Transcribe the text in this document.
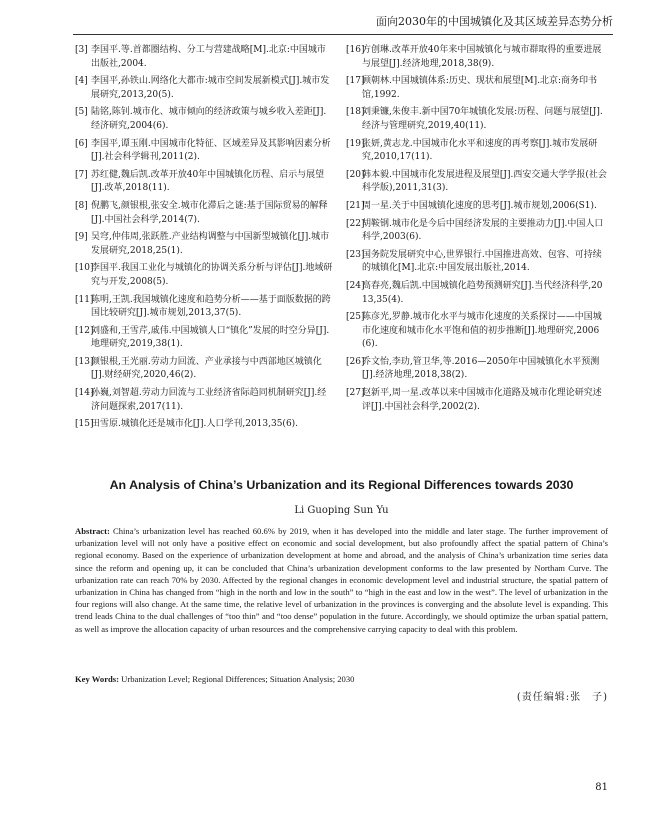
面向2030年的中国城镇化及其区域差异态势分析
[3] 李国平.等.首都圈结构、分工与营建战略[M].北京:中国城市出版社,2004.
[4] 李国平,孙铁山.网络化大都市:城市空间发展新模式[J].城市发展研究,2013,20(5).
[5] 陆铭,陈钊.城市化、城市倾向的经济政策与城乡收入差距[J].经济研究,2004(6).
[6] 李国平,谭玉刚.中国城市化特征、区域差异及其影响因素分析[J].社会科学辑刊,2011(2).
[7] 苏红健,魏后凯.改革开放40年中国城镇化历程、启示与展望[J].改革,2018(11).
[8] 倪鹏飞,颜银根,张安全.城市化滞后之谜:基于国际贸易的解释[J].中国社会科学,2014(7).
[9] 吴穹,仲伟周,张跃胜.产业结构调整与中国新型城镇化[J].城市发展研究,2018,25(1).
[10]
李国平.我国工业化与城镇化的协调关系分析与评估[J].地域研究与开发,2008(5).
[11]
陈明,王凯.我国城镇化速度和趋势分析——基于面版数据的跨国比较研究[J].城市规划,2013,37(5).
[12]
刘盛和,王雪芹,戚伟.中国城镇人口“镇化”发展的时空分异[J].地理研究,2019,38(1).
[13]
颜银根,王光丽.劳动力回流、产业承接与中西部地区城镇化[J].财经研究,2020,46(2).
[14]
孙巍,刘智超.劳动力回流与工业经济省际趋同机制研究[J].经济问题探索,2017(11).
[15]
田雪原.城镇化还是城市化[J].人口学刊,2013,35(6).
[16]
方创琳.改革开放40年来中国城镇化与城市群取得的重要进展与展望[J].经济地理,2018,38(9).
[17]
顾朝林.中国城镇体系:历史、现状和展望[M].北京:商务印书馆,1992.
[18]
刘秉镰,朱俊丰.新中国70年城镇化发展:历程、问题与展望[J].经济与管理研究,2019,40(11).
[19]
张妍,黄志龙.中国城市化水平和速度的再考察[J].城市发展研究,2010,17(11).
[20]
韩本毅.中国城市化发展进程及展望[J].西安交通大学学报(社会科学版),2011,31(3).
[21]
周一星.关于中国城镇化速度的思考[J].城市规划,2006(S1).
[22]
胡鞍钢.城市化是今后中国经济发展的主要推动力[J].中国人口科学,2003(6).
[23]
国务院发展研究中心,世界银行.中国推进高效、包容、可持续的城镇化[M].北京:中国发展出版社,2014.
[24]
高春亮,魏后凯.中国城镇化趋势预测研究[J].当代经济科学,2013,35(4).
[25]
陈彦光,罗静.城市化水平与城市化速度的关系探讨——中国城市化速度和城市化水平饱和值的初步推断[J].地理研究,2006(6).
[26]
乔文怡,李玏,管卫华,等.2016—2050年中国城镇化水平预测[J].经济地理,2018,38(2).
[27]
赵新平,周一星.改革以来中国城市化道路及城市化理论研究述评[J].中国社会科学,2002(2).
An Analysis of China’s Urbanization and its Regional Differences towards 2030
Li Guoping Sun Yu
Abstract: China’s urbanization level has reached 60.6% by 2019, when it has developed into the middle and later stage. The further improvement of urbanization level will not only have a positive effect on economic and social development, but also profoundly affect the spatial pattern of China’s regional economy. Based on the experience of urbanization development at home and abroad, and the analysis of China’s urbanization time series data since the reform and opening up, it can be concluded that China’s urbanization development conforms to the law presented by Northam Curve. The urbanization rate can reach 70% by 2030. Affected by the regional changes in economic development level and industrial structure, the spatial pattern of urbanization in China has changed from “high in the north and low in the south” to “high in the east and low in the west”. The level of urbanization in the four regions will also change. At the same time, the relative level of urbanization in the provinces is converging and the absolute level is expanding. This trend leads China to the dual challenges of “too thin” and “too dense” population in the future. Accordingly, we should optimize the urban spatial pattern, as well as improve the allocation capacity of urban resources and the comprehensive carrying capacity to deal with this problem.
Key Words: Urbanization Level; Regional Differences; Situation Analysis; 2030
(责任编辑:张　子)
81
